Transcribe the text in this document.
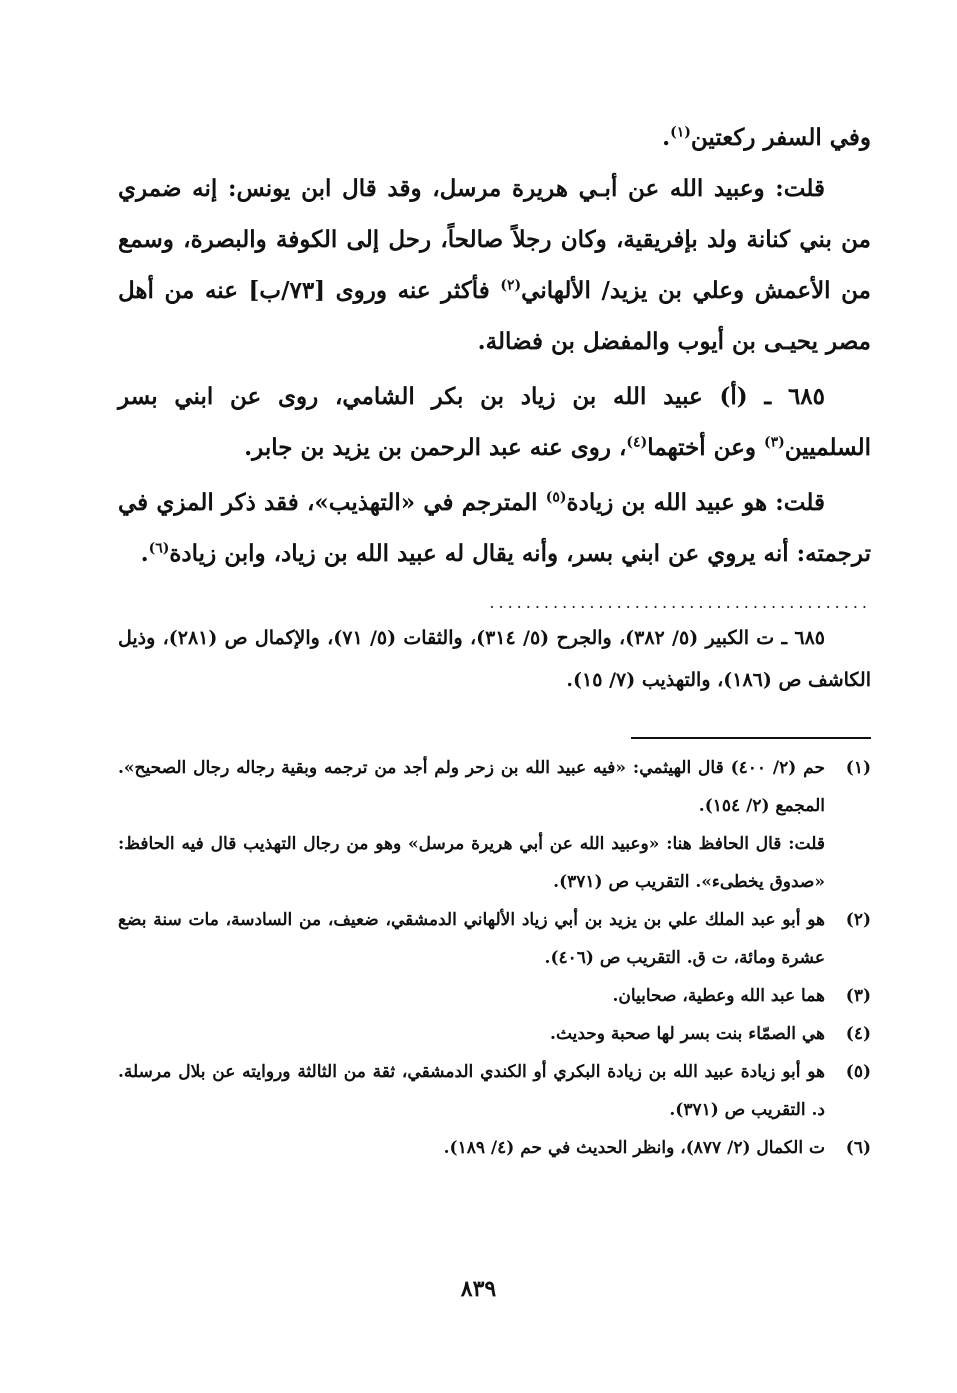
وفي السفر ركعتين$^{(١)}$.

قلت: وعبيد الله عن أبـي هريرة مرسل، وقد قال ابن يونس: إنه ضمري من بني كنانة ولد بإفريقية، وكان رجلاً صالحاً، رحل إلى الكوفة والبصرة، وسمع من الأعمش وعلي بن يزيد/ الألهاني$^{(٢)}$ فأكثر عنه وروى [٧٣/ب] عنه من أهل مصر يحيـى بن أيوب والمفضل بن فضالة.

٦٨٥ ـ (أ) عبيد الله بن زياد بن بكر الشامي، روى عن ابني بسر السلميين$^{(٣)}$ وعن أختهما$^{(٤)}$، روى عنه عبد الرحمن بن يزيد بن جابر.

قلت: هو عبيد الله بن زيادة$^{(٥)}$ المترجم في «التهذيب»، فقد ذكر المزي في ترجمته: أنه يروي عن ابني بسر، وأنه يقال له عبيد الله بن زياد، وابن زيادة$^{(٦)}$.

..........................................

٦٨٥ ـ ت الكبير (٥/ ٣٨٢)، والجرح (٥/ ٣١٤)، والثقات (٥/ ٧١)، والإكمال ص (٢٨١)، وذيل الكاشف ص (١٨٦)، والتهذيب (٧/ ١٥).

(١)

حم (٢/ ٤٠٠) قال الهيثمي: «فيه عبيد الله بن زحر ولم أجد من ترجمه وبقية رجاله رجال الصحيح». المجمع (٢/ ١٥٤).

قلت: قال الحافظ هنا: «وعبيد الله عن أبي هريرة مرسل» وهو من رجال التهذيب قال فيه الحافظ: «صدوق يخطىء». التقريب ص (٣٧١).

(٢)

هو أبو عبد الملك علي بن يزيد بن أبي زياد الألهاني الدمشقي، ضعيف، من السادسة، مات سنة بضع عشرة ومائة، ت ق. التقريب ص (٤٠٦).

(٣)

هما عبد الله وعطية، صحابيان.

(٤)

هي الصمّاء بنت بسر لها صحبة وحديث.

(٥)

هو أبو زيادة عبيد الله بن زيادة البكري أو الكندي الدمشقي، ثقة من الثالثة وروايته عن بلال مرسلة. د. التقريب ص (٣٧١).

(٦)

ت الكمال (٢/ ٨٧٧)، وانظر الحديث في حم (٤/ ١٨٩).

٨٣٩
